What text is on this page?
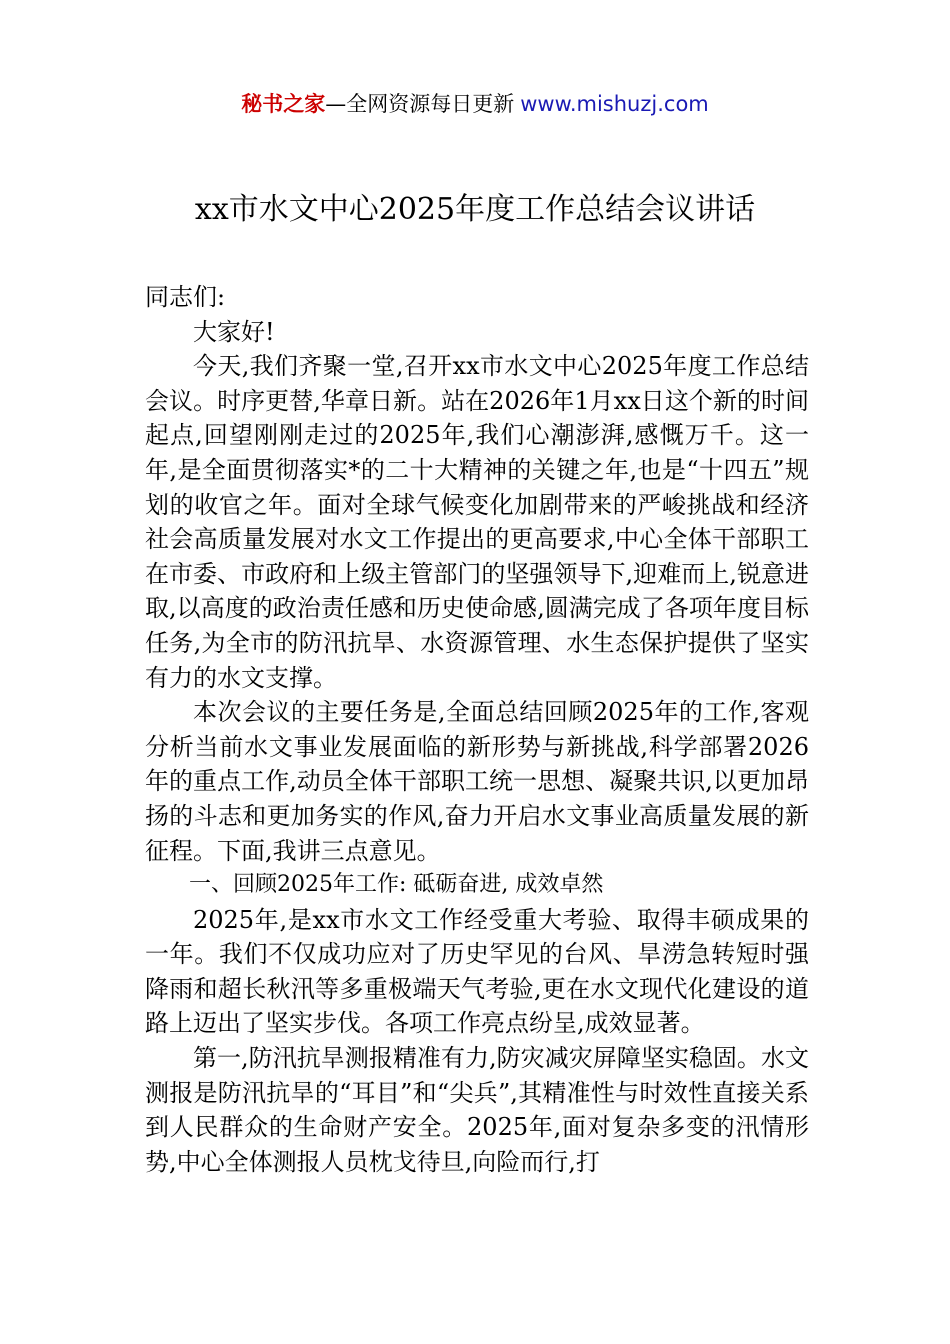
秘书之家—全网资源每日更新 www.mishuzj.com
xx市水文中心2025年度工作总结会议讲话

同志们:

大家好!

今天,我们齐聚一堂,召开xx市水文中心2025年度工作总结会议。时序更替,华章日新。站在2026年1月xx日这个新的时间起点,回望刚刚走过的2025年,我们心潮澎湃,感慨万千。这一年,是全面贯彻落实*的二十大精神的关键之年,也是“十四五”规划的收官之年。面对全球气候变化加剧带来的严峻挑战和经济社会高质量发展对水文工作提出的更高要求,中心全体干部职工在市委、市政府和上级主管部门的坚强领导下,迎难而上,锐意进取,以高度的政治责任感和历史使命感,圆满完成了各项年度目标任务,为全市的防汛抗旱、水资源管理、水生态保护提供了坚实有力的水文支撑。

本次会议的主要任务是,全面总结回顾2025年的工作,客观分析当前水文事业发展面临的新形势与新挑战,科学部署2026年的重点工作,动员全体干部职工统一思想、凝聚共识,以更加昂扬的斗志和更加务实的作风,奋力开启水文事业高质量发展的新征程。下面,我讲三点意见。

一、回顾2025年工作: 砥砺奋进, 成效卓然

2025年,是xx市水文工作经受重大考验、取得丰硕成果的一年。我们不仅成功应对了历史罕见的台风、旱涝急转短时强降雨和超长秋汛等多重极端天气考验,更在水文现代化建设的道路上迈出了坚实步伐。各项工作亮点纷呈,成效显著。

第一,防汛抗旱测报精准有力,防灾减灾屏障坚实稳固。水文测报是防汛抗旱的“耳目”和“尖兵”,其精准性与时效性直接关系到人民群众的生命财产安全。2025年,面对复杂多变的汛情形势,中心全体测报人员枕戈待旦,向险而行,打
